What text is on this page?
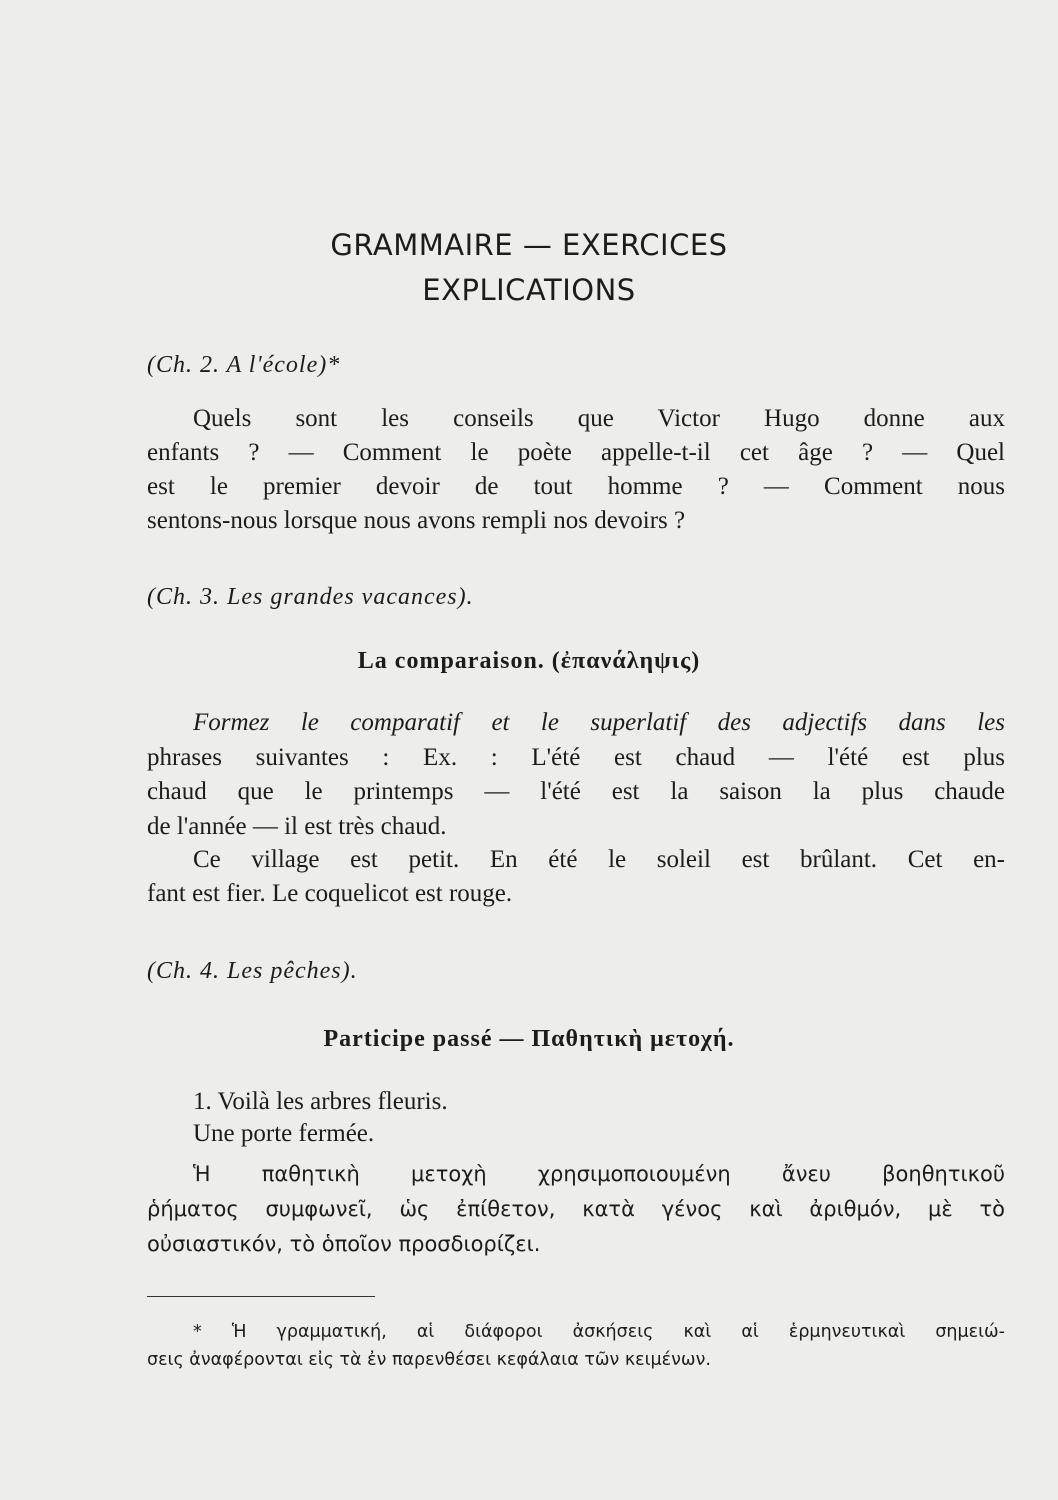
GRAMMAIRE — EXERCICES
EXPLICATIONS
(Ch. 2. A l'école)*
Quels sont les conseils que Victor Hugo donne aux
enfants ? — Comment le poète appelle-t-il cet âge ? — Quel
est le premier devoir de tout homme ? — Comment nous
sentons-nous lorsque nous avons rempli nos devoirs ?
(Ch. 3. Les grandes vacances).
La comparaison. (ἐπανάληψις)
Formez le comparatif et le superlatif des adjectifs dans les
phrases suivantes : Ex. : L'été est chaud — l'été est plus
chaud que le printemps — l'été est la saison la plus chaude
de l'année — il est très chaud.
Ce village est petit. En été le soleil est brûlant. Cet en-
fant est fier. Le coquelicot est rouge.
(Ch. 4. Les pêches).
Participe passé — Παθητικὴ μετοχή.
1. Voilà les arbres fleuris.
Une porte fermée.
Ἡ παθητικὴ μετοχὴ χρησιμοποιουμένη ἄνευ βοηθητικοῦ
ῥήματος συμφωνεῖ, ὡς ἐπίθετον, κατὰ γένος καὶ ἀριθμόν, μὲ τὸ
οὐσιαστικόν, τὸ ὁποῖον προσδιορίζει.
* Ἡ γραμματική, αἱ διάφοροι ἀσκήσεις καὶ αἱ ἑρμηνευτικαὶ σημειώ-
σεις ἀναφέρονται εἰς τὰ ἐν παρενθέσει κεφάλαια τῶν κειμένων.
